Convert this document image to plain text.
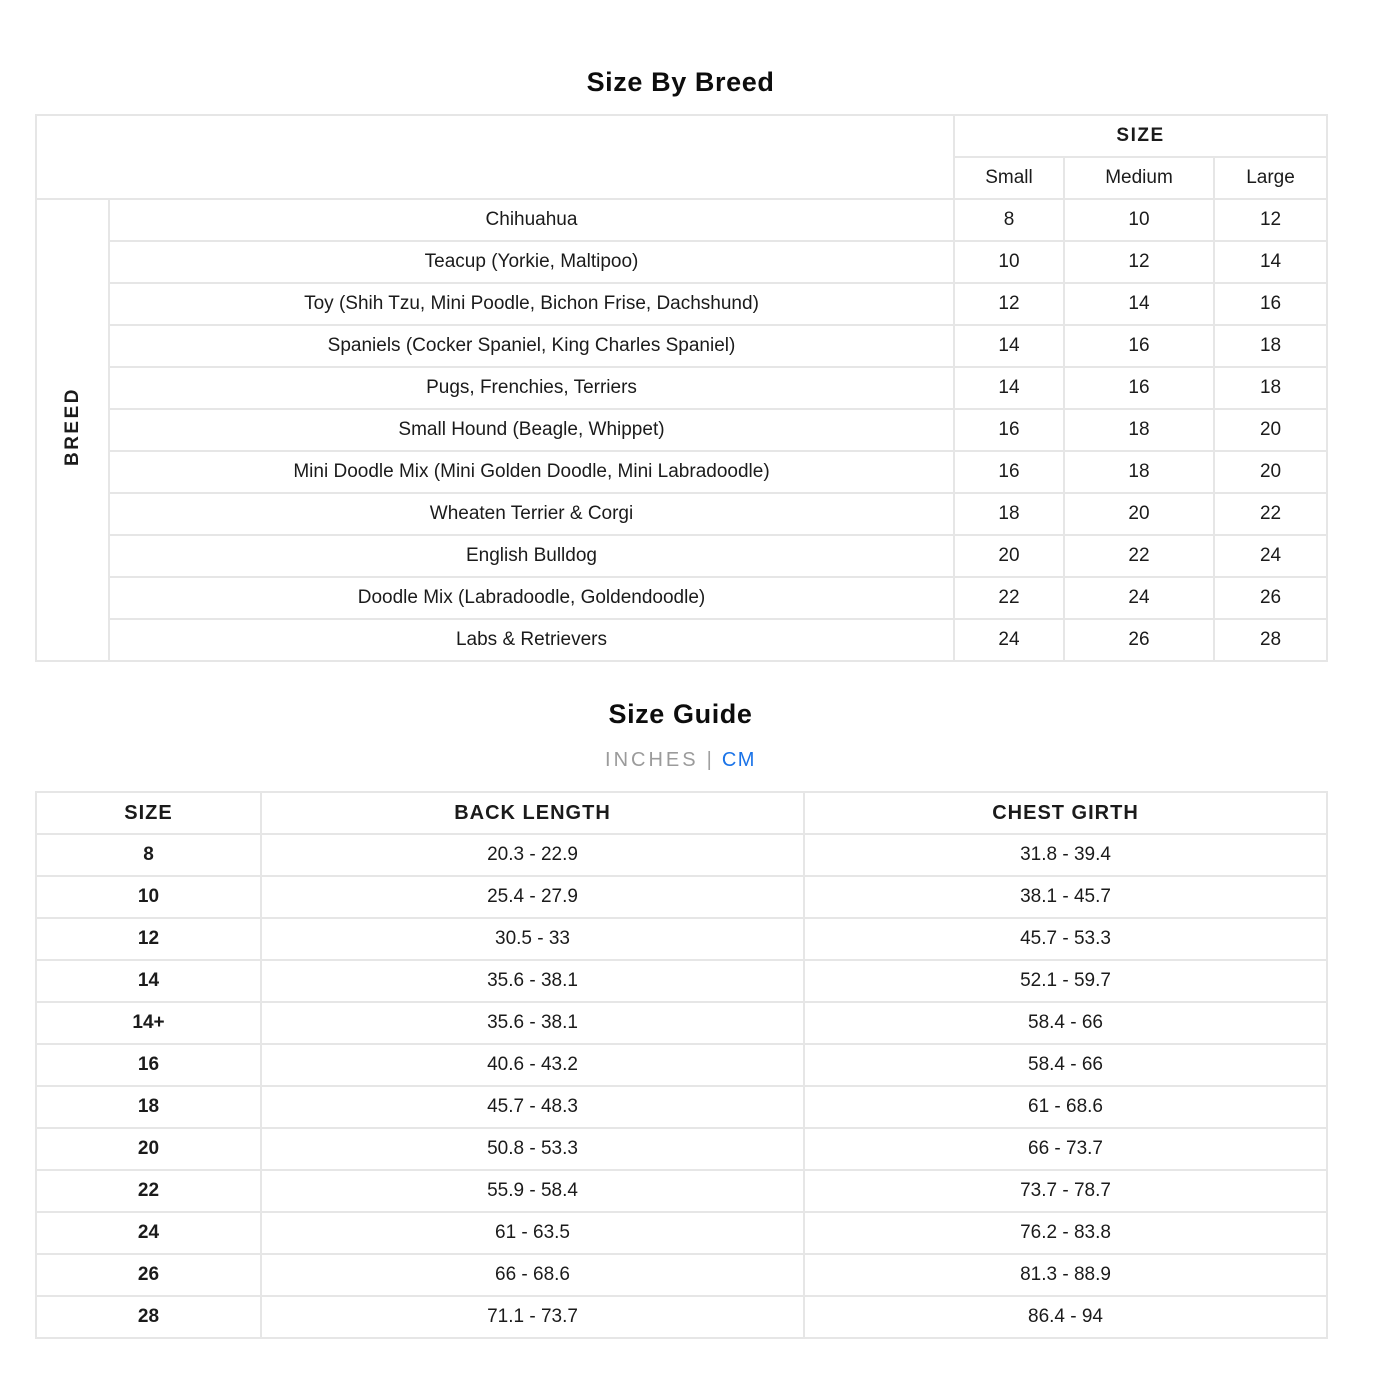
Size By Breed
		SIZE		
		Small	Medium	Large
BREED	Chihuahua	8	10	12
	Teacup (Yorkie, Maltipoo)	10	12	14
	Toy (Shih Tzu, Mini Poodle, Bichon Frise, Dachshund)	12	14	16
	Spaniels (Cocker Spaniel, King Charles Spaniel)	14	16	18
	Pugs, Frenchies, Terriers	14	16	18
	Small Hound (Beagle, Whippet)	16	18	20
	Mini Doodle Mix (Mini Golden Doodle, Mini Labradoodle)	16	18	20
	Wheaten Terrier & Corgi	18	20	22
	English Bulldog	20	22	24
	Doodle Mix (Labradoodle, Goldendoodle)	22	24	26
	Labs & Retrievers	24	26	28
Size Guide
INCHES | CM
SIZE	BACK LENGTH	CHEST GIRTH
8	20.3 - 22.9	31.8 - 39.4
10	25.4 - 27.9	38.1 - 45.7
12	30.5 - 33	45.7 - 53.3
14	35.6 - 38.1	52.1 - 59.7
14+	35.6 - 38.1	58.4 - 66
16	40.6 - 43.2	58.4 - 66
18	45.7 - 48.3	61 - 68.6
20	50.8 - 53.3	66 - 73.7
22	55.9 - 58.4	73.7 - 78.7
24	61 - 63.5	76.2 - 83.8
26	66 - 68.6	81.3 - 88.9
28	71.1 - 73.7	86.4 - 94
